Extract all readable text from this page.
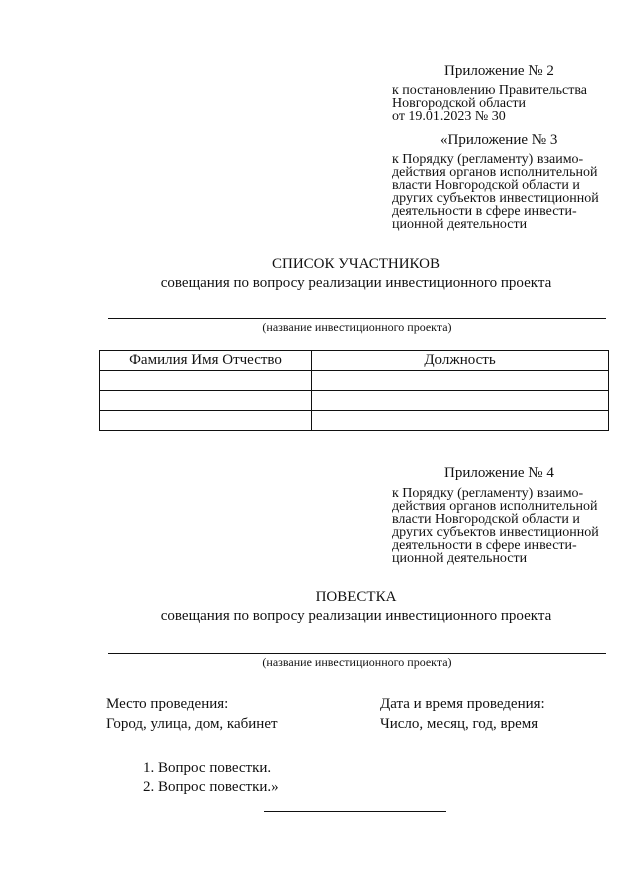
Приложение № 2
к постановлению Правительства
Новгородской области
от 19.01.2023 № 30
«Приложение № 3
к Порядку (регламенту) взаимо-
действия органов исполнительной
власти Новгородской области и
других субъектов инвестиционной
деятельности в сфере инвести-
ционной деятельности
СПИСОК УЧАСТНИКОВ
совещания по вопросу реализации инвестиционного проекта
(название инвестиционного проекта)
Фамилия Имя Отчество	Должность

Приложение № 4
к Порядку (регламенту) взаимо-
действия органов исполнительной
власти Новгородской области и
других субъектов инвестиционной
деятельности в сфере инвести-
ционной деятельности
ПОВЕСТКА
совещания по вопросу реализации инвестиционного проекта
(название инвестиционного проекта)
Место проведения:
Город, улица, дом, кабинет
Дата и время проведения:
Число, месяц, год, время
1. Вопрос повестки.
2. Вопрос повестки.»
